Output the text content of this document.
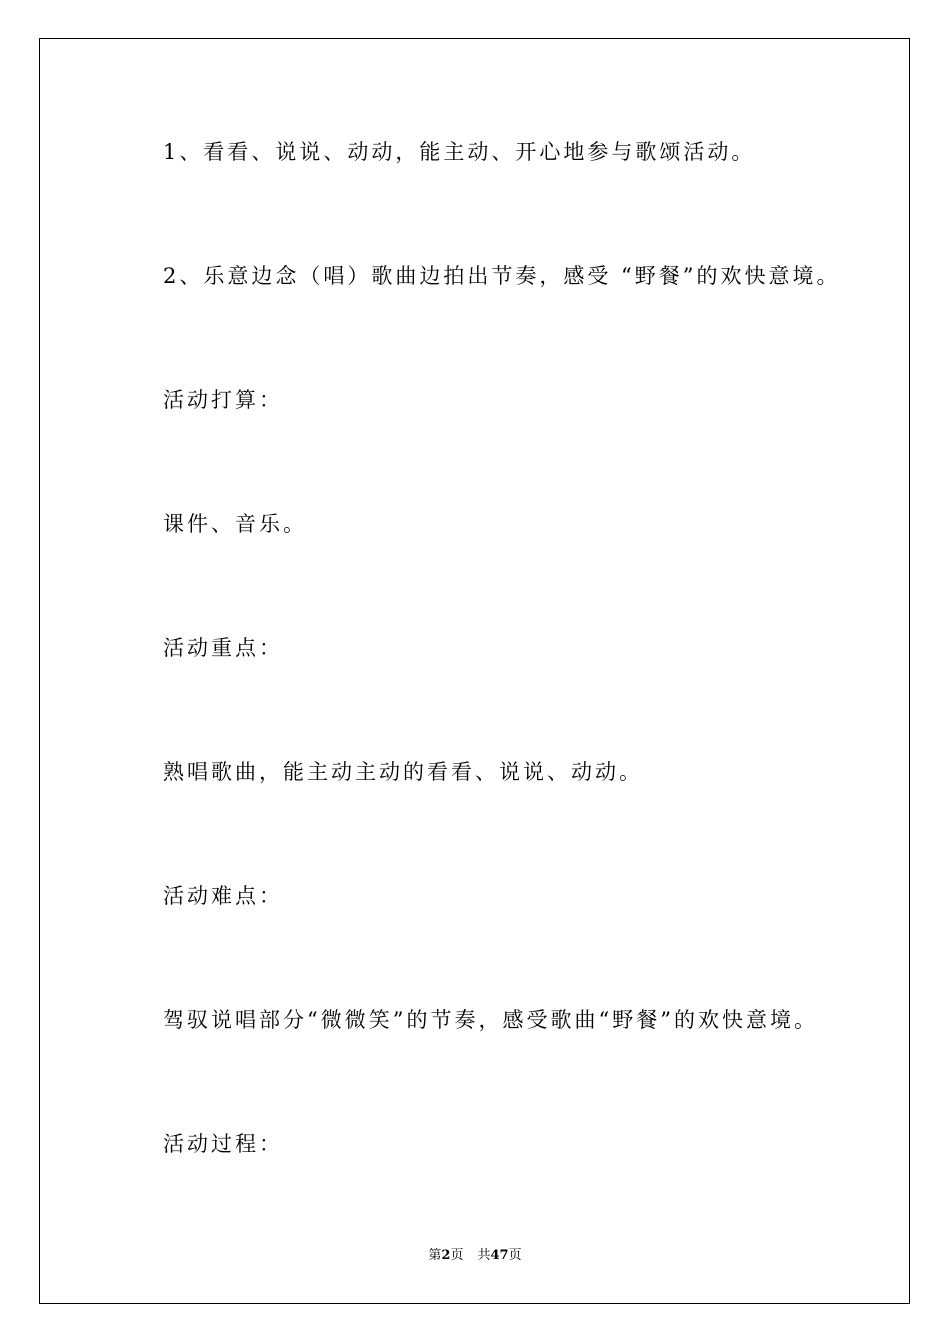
1、看看、说说、动动，能主动、开心地参与歌颂活动。
2、乐意边念（唱）歌曲边拍出节奏，感受 “野餐”的欢快意境。
活动打算：
课件、音乐。
活动重点：
熟唱歌曲，能主动主动的看看、说说、动动。
活动难点：
驾驭说唱部分“微微笑”的节奏，感受歌曲“野餐”的欢快意境。
活动过程：
第2页 共47页
